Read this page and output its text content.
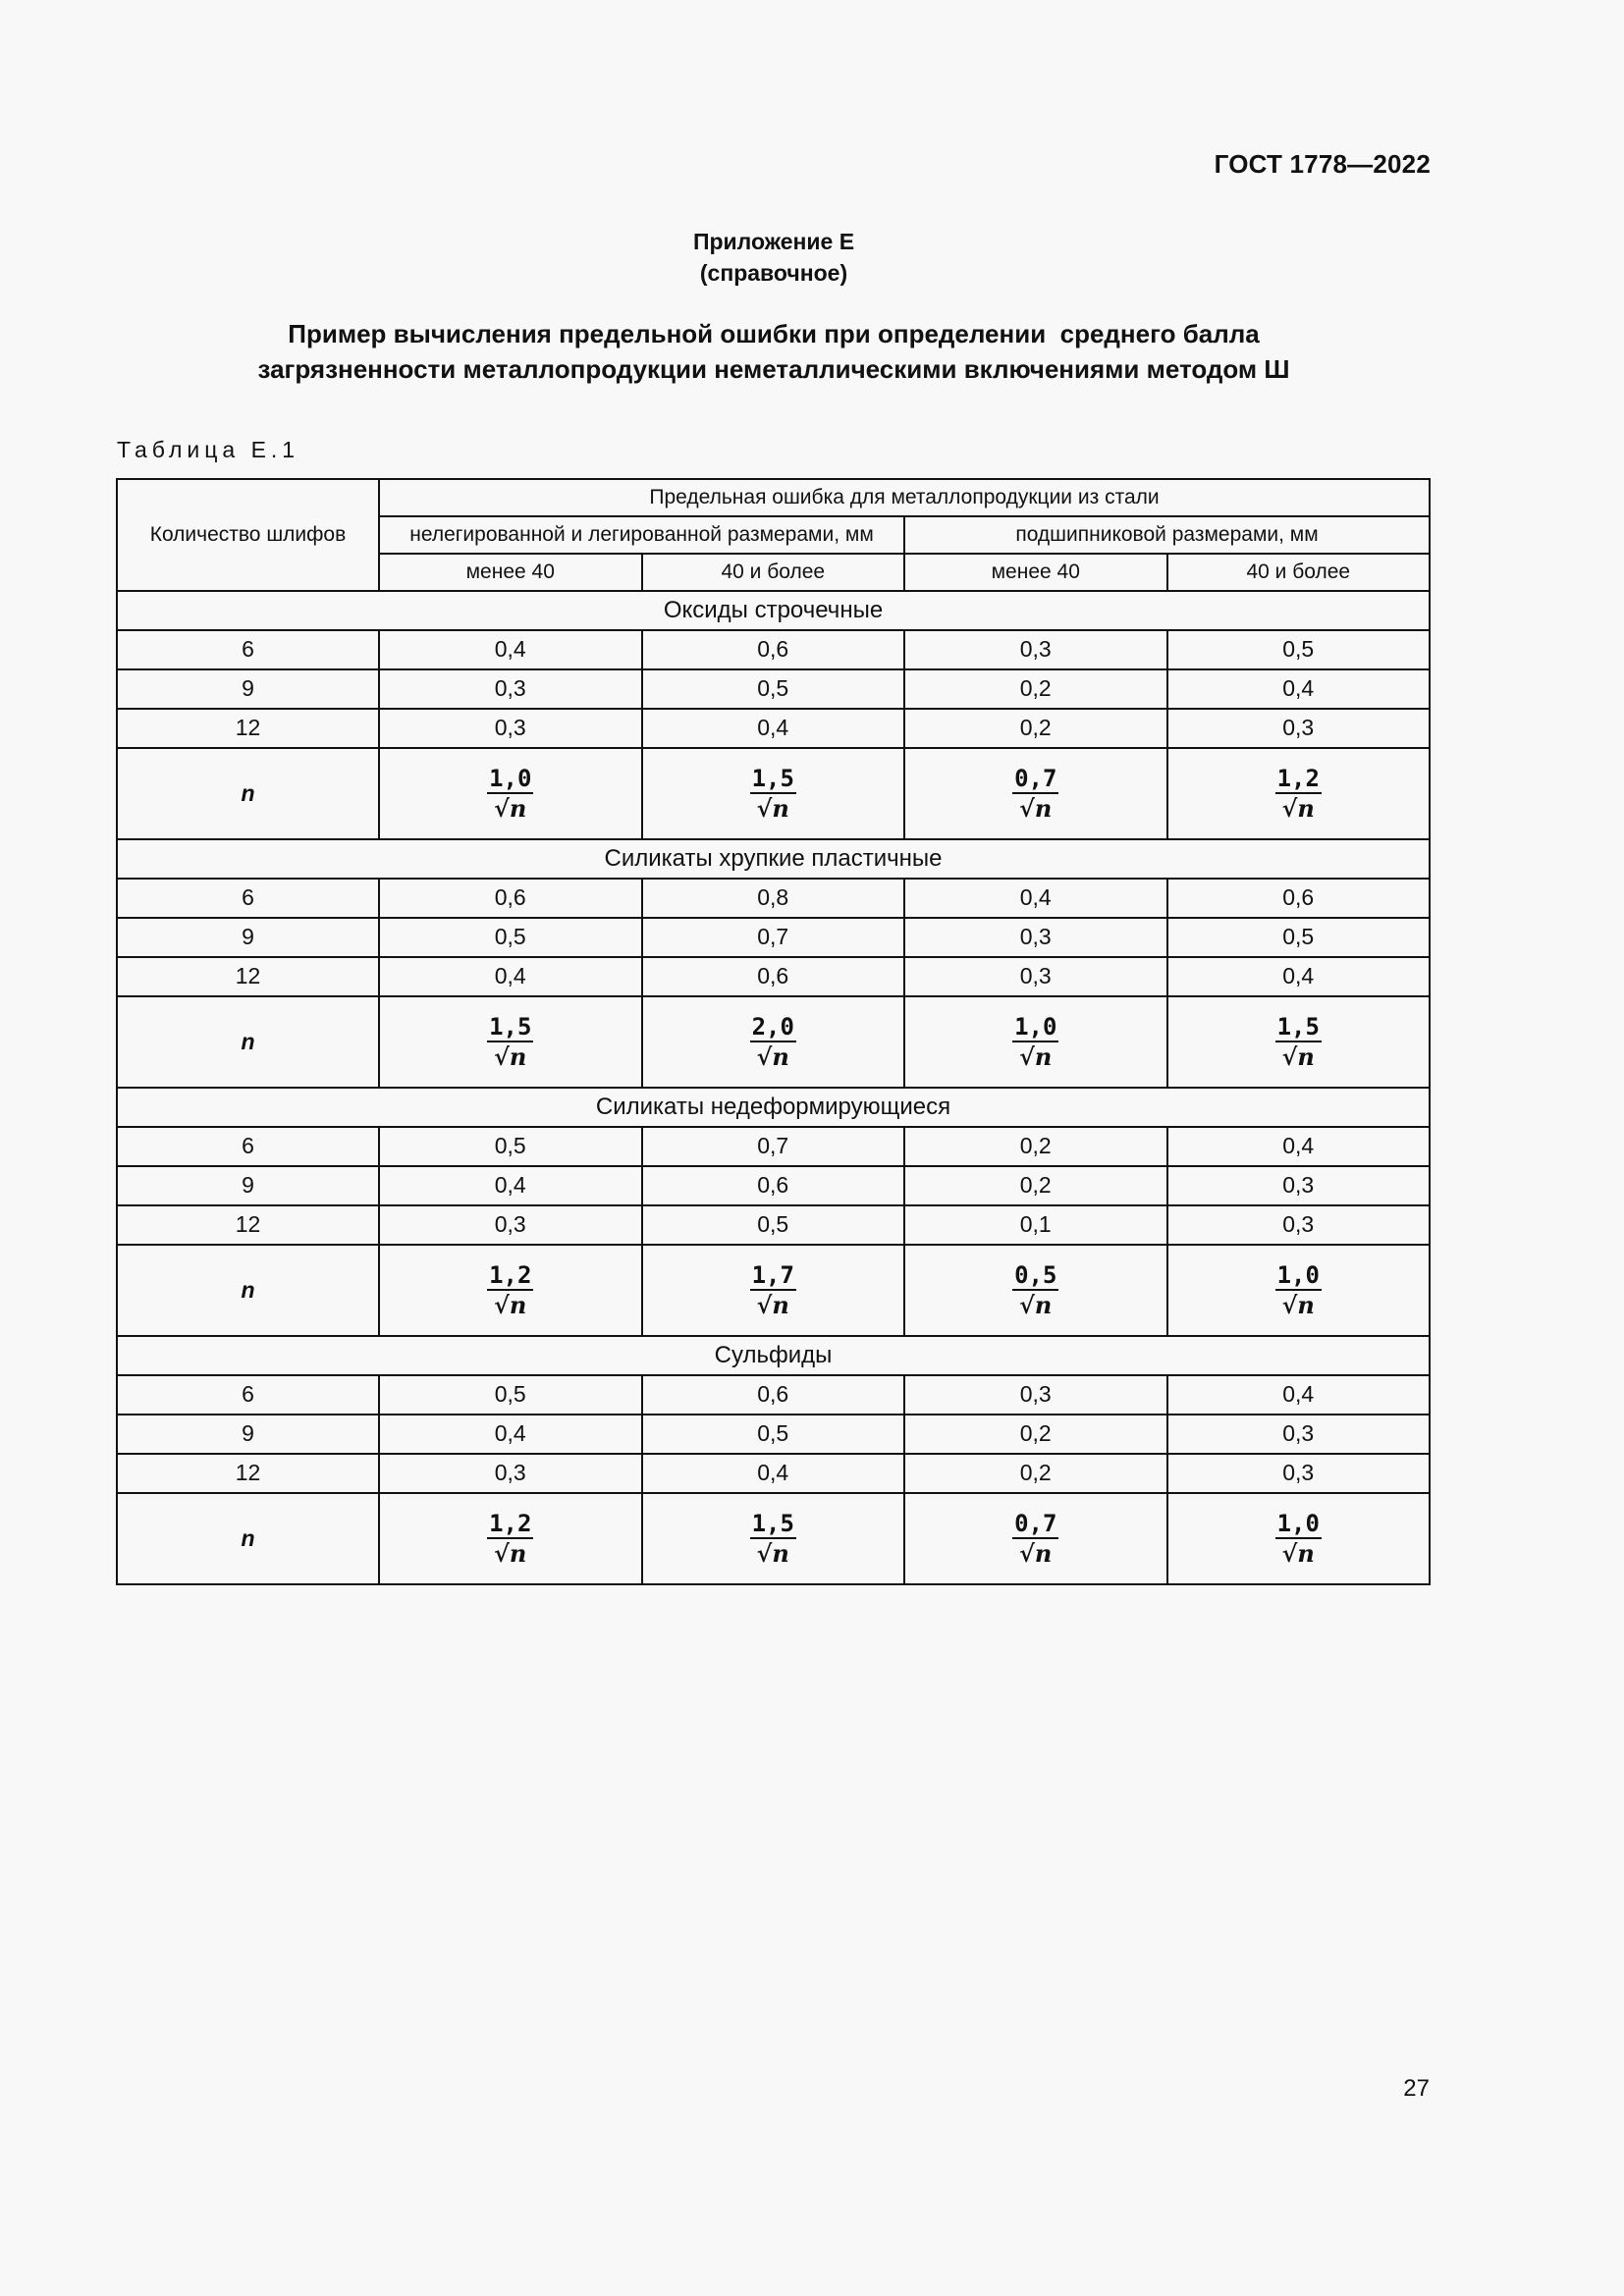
ГОСТ 1778—2022
Приложение Е
(справочное)
Пример вычисления предельной ошибки при определении  среднего балла
загрязненности металлопродукции неметаллическими включениями методом Ш
Таблица Е.1
Количество шлифов	Предельная ошибка для металлопродукции из стали			
	нелегированной и легированной размерами, мм		подшипниковой размерами, мм	
	менее 40	40 и более	менее 40	40 и более
Оксиды строчечные				
6	0,4	0,6	0,3	0,5
9	0,3	0,5	0,2	0,4
12	0,3	0,4	0,2	0,3
n	$\frac{1,0}{√n}$	$\frac{1,5}{√n}$	$\frac{0,7}{√n}$	$\frac{1,2}{√n}$

Силикаты хрупкие пластичные				
6	0,6	0,8	0,4	0,6
9	0,5	0,7	0,3	0,5
12	0,4	0,6	0,3	0,4
n	$\frac{1,5}{√n}$	$\frac{2,0}{√n}$	$\frac{1,0}{√n}$	$\frac{1,5}{√n}$

Силикаты недеформирующиеся				
6	0,5	0,7	0,2	0,4
9	0,4	0,6	0,2	0,3
12	0,3	0,5	0,1	0,3
n	$\frac{1,2}{√n}$	$\frac{1,7}{√n}$	$\frac{0,5}{√n}$	$\frac{1,0}{√n}$

Сульфиды				
6	0,5	0,6	0,3	0,4
9	0,4	0,5	0,2	0,3
12	0,3	0,4	0,2	0,3
n	$\frac{1,2}{√n}$	$\frac{1,5}{√n}$	$\frac{0,7}{√n}$	$\frac{1,0}{√n}$
27
